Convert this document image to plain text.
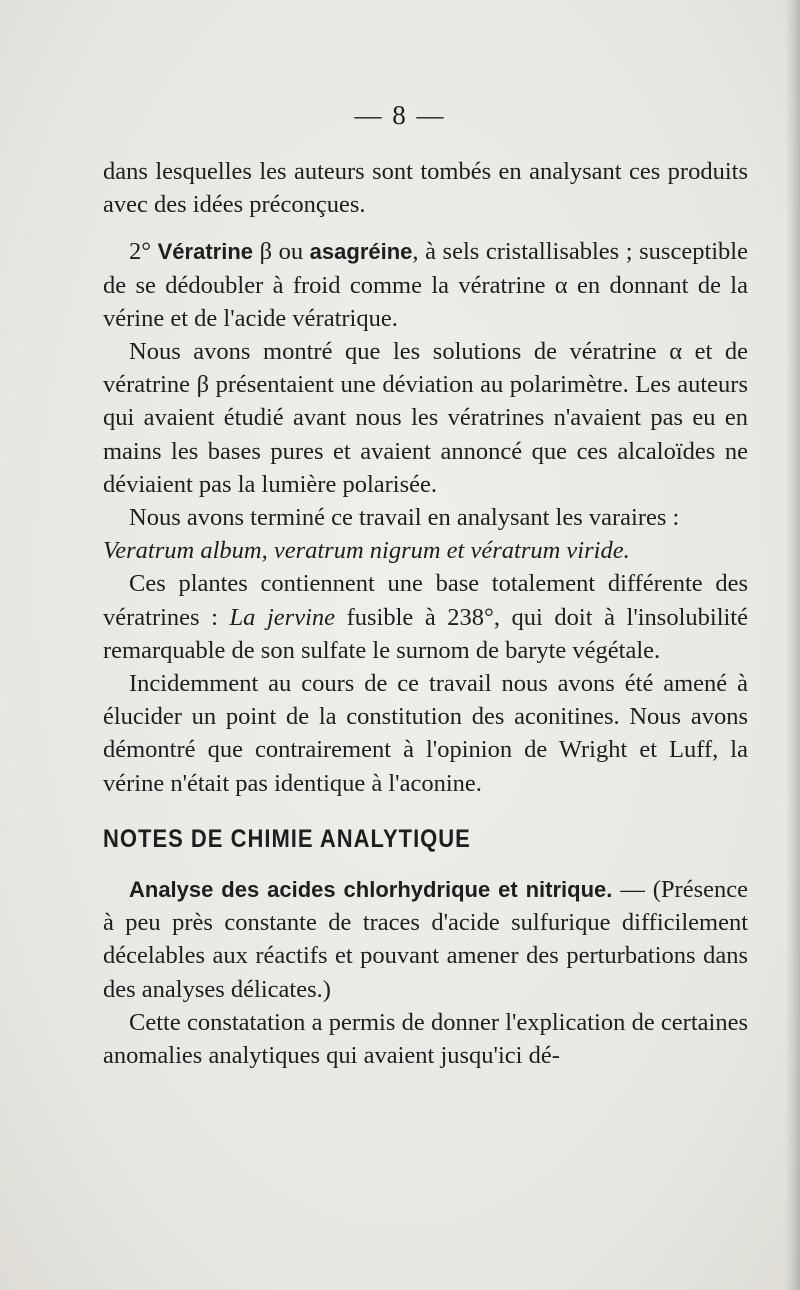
— 8 —

dans lesquelles les auteurs sont tombés en analysant ces produits avec des idées préconçues.

2° Vératrine β ou asagréine, à sels cristallisables ; susceptible de se dédoubler à froid comme la vératrine α en donnant de la vérine et de l'acide vératrique.

Nous avons montré que les solutions de vératrine α et de vératrine β présentaient une déviation au polarimètre. Les auteurs qui avaient étudié avant nous les vératrines n'avaient pas eu en mains les bases pures et avaient annoncé que ces alcaloïdes ne déviaient pas la lumière polarisée.

Nous avons terminé ce travail en analysant les varaires :

Veratrum album, veratrum nigrum et vératrum viride.

Ces plantes contiennent une base totalement différente des vératrines : La jervine fusible à 238°, qui doit à l'insolubilité remarquable de son sulfate le surnom de baryte végétale.

Incidemment au cours de ce travail nous avons été amené à élucider un point de la constitution des aconitines. Nous avons démontré que contrairement à l'opinion de Wright et Luff, la vérine n'était pas identique à l'aconine.

NOTES DE CHIMIE ANALYTIQUE

Analyse des acides chlorhydrique et nitrique. — (Présence à peu près constante de traces d'acide sulfurique difficilement décelables aux réactifs et pouvant amener des perturbations dans des analyses délicates.)

Cette constatation a permis de donner l'explication de certaines anomalies analytiques qui avaient jusqu'ici dé-
